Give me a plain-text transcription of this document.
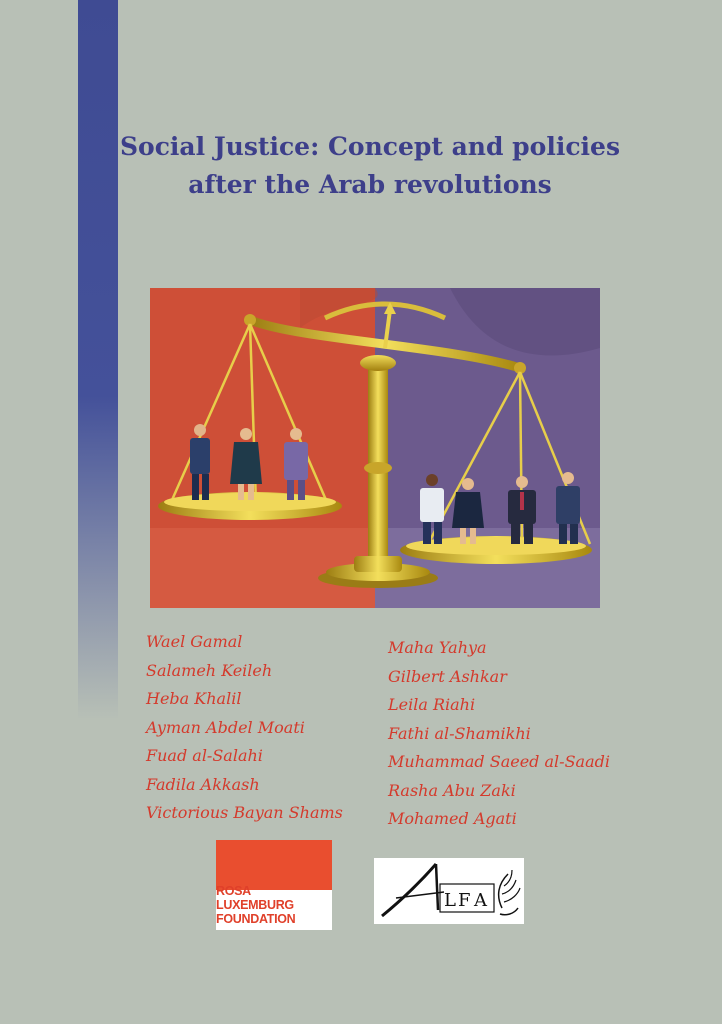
Social Justice: Concept and policies
after the Arab revolutions
Wael Gamal
Salameh Keileh
Heba Khalil
Ayman Abdel Moati
Fuad al-Salahi
Fadila Akkash
Victorious Bayan Shams
Maha Yahya
Gilbert Ashkar
Leila Riahi
Fathi al-Shamikhi
Muhammad Saeed al-Saadi
Rasha Abu Zaki
Mohamed Agati
ROSA
LUXEMBURG
FOUNDATION
L F A
